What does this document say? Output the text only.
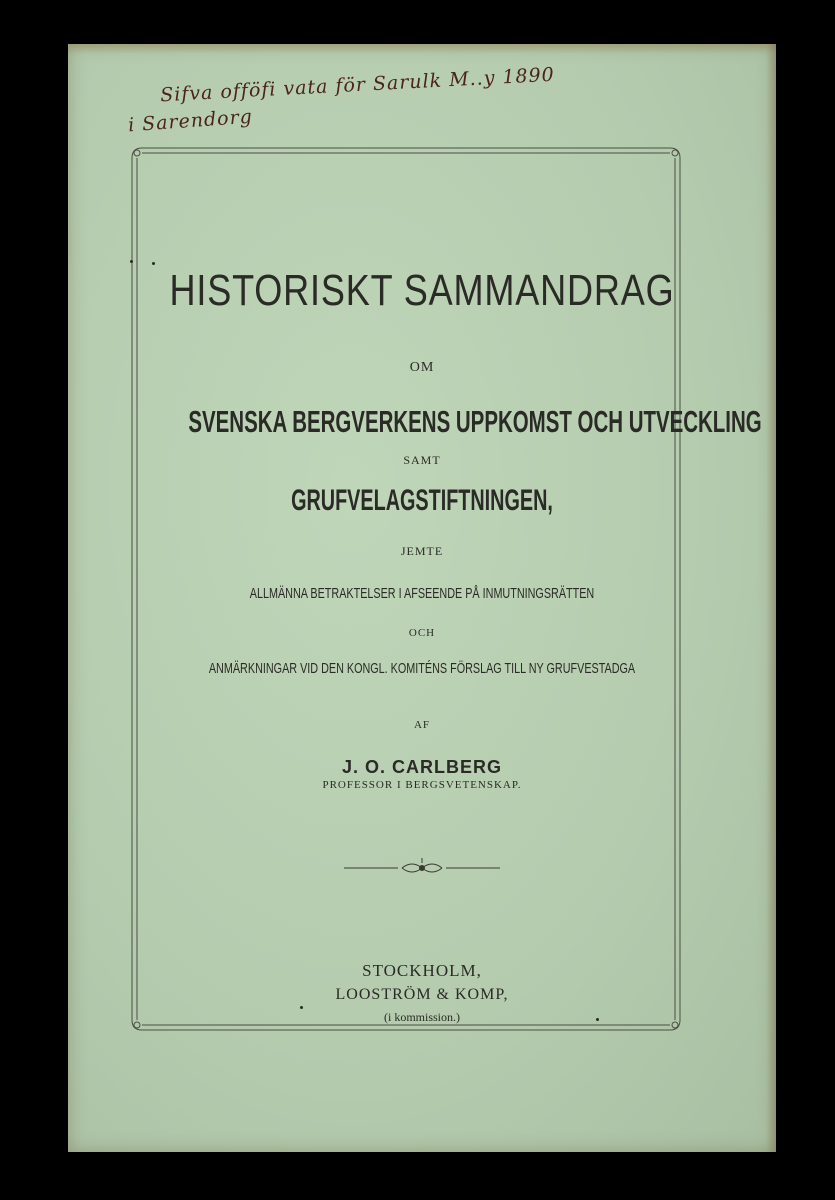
Sifva offöfi vata för Sarulk M..y 1890
i Sarendorg
HISTORISKT SAMMANDRAG
OM
SVENSKA BERGVERKENS UPPKOMST OCH UTVECKLING
SAMT
GRUFVELAGSTIFTNINGEN,
JEMTE
ALLMÄNNA BETRAKTELSER I AFSEENDE PÅ INMUTNINGSRÄTTEN
OCH
ANMÄRKNINGAR VID DEN KONGL. KOMITÉNS FÖRSLAG TILL NY GRUFVESTADGA
AF
J. O. CARLBERG
PROFESSOR I BERGSVETENSKAP.
STOCKHOLM,
LOOSTRÖM & KOMP,
(i kommission.)
